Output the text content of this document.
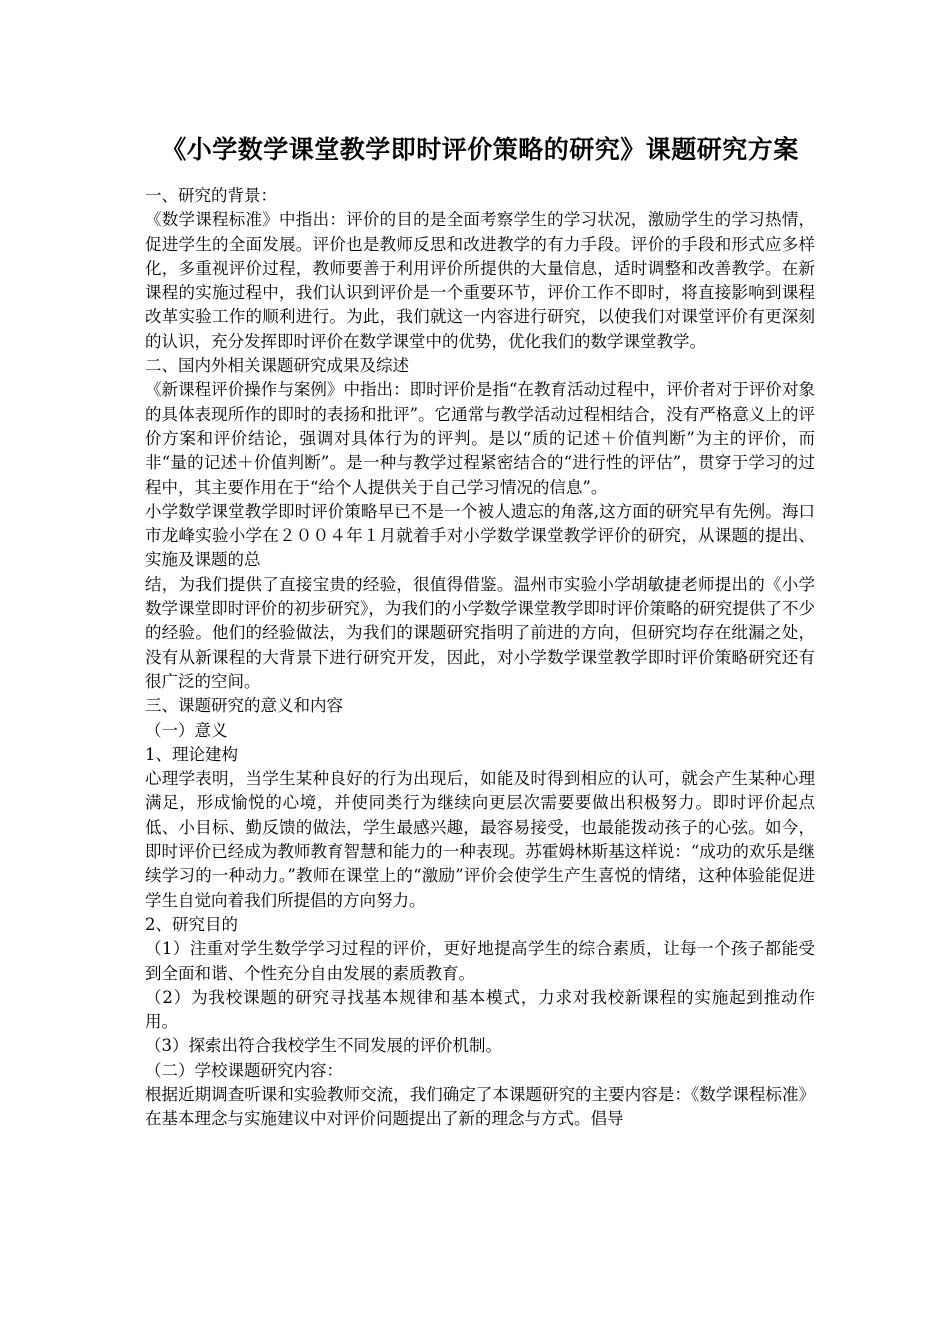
《小学数学课堂教学即时评价策略的研究》课题研究方案

一、研究的背景：

《数学课程标准》中指出：评价的目的是全面考察学生的学习状况，激励学生的学习热情，促进学生的全面发展。评价也是教师反思和改进教学的有力手段。评价的手段和形式应多样化，多重视评价过程，教师要善于利用评价所提供的大量信息，适时调整和改善教学。在新课程的实施过程中，我们认识到评价是一个重要环节，评价工作不即时，将直接影响到课程改革实验工作的顺利进行。为此，我们就这一内容进行研究，以使我们对课堂评价有更深刻的认识，充分发挥即时评价在数学课堂中的优势，优化我们的数学课堂教学。

二、国内外相关课题研究成果及综述

《新课程评价操作与案例》中指出：即时评价是指“在教育活动过程中，评价者对于评价对象的具体表现所作的即时的表扬和批评”。它通常与教学活动过程相结合，没有严格意义上的评价方案和评价结论，强调对具体行为的评判。是以“质的记述＋价值判断”为主的评价，而非“量的记述＋价值判断”。是一种与教学过程紧密结合的“进行性的评估”，贯穿于学习的过程中，其主要作用在于“给个人提供关于自己学习情况的信息”。

小学数学课堂教学即时评价策略早已不是一个被人遗忘的角落,这方面的研究早有先例。海口市龙峰实验小学在２００４年１月就着手对小学数学课堂教学评价的研究，从课题的提出、实施及课题的总

结，为我们提供了直接宝贵的经验，很值得借鉴。温州市实验小学胡敏捷老师提出的《小学数学课堂即时评价的初步研究》，为我们的小学数学课堂教学即时评价策略的研究提供了不少的经验。他们的经验做法，为我们的课题研究指明了前进的方向，但研究均存在纰漏之处，没有从新课程的大背景下进行研究开发，因此，对小学数学课堂教学即时评价策略研究还有很广泛的空间。

三、课题研究的意义和内容

（一）意义

1、理论建构

心理学表明，当学生某种良好的行为出现后，如能及时得到相应的认可，就会产生某种心理满足，形成愉悦的心境，并使同类行为继续向更层次需要要做出积极努力。即时评价起点低、小目标、勤反馈的做法，学生最感兴趣，最容易接受，也最能拨动孩子的心弦。如今，即时评价已经成为教师教育智慧和能力的一种表现。苏霍姆林斯基这样说：“成功的欢乐是继续学习的一种动力。”教师在课堂上的“激励”评价会使学生产生喜悦的情绪，这种体验能促进学生自觉向着我们所提倡的方向努力。

2、研究目的

（1）注重对学生数学学习过程的评价，更好地提高学生的综合素质，让每一个孩子都能受到全面和谐、个性充分自由发展的素质教育。

（2）为我校课题的研究寻找基本规律和基本模式，力求对我校新课程的实施起到推动作用。

（3）探索出符合我校学生不同发展的评价机制。

（二）学校课题研究内容：

根据近期调查听课和实验教师交流，我们确定了本课题研究的主要内容是：《数学课程标准》在基本理念与实施建议中对评价问题提出了新的理念与方式。倡导
